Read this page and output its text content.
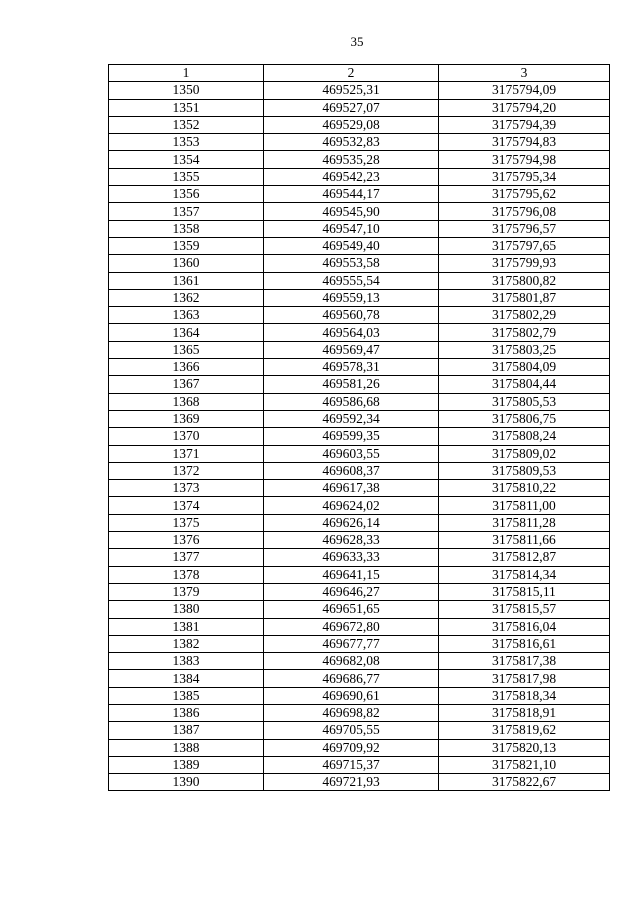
35
1	2	3
1350	469525,31	3175794,09
1351	469527,07	3175794,20
1352	469529,08	3175794,39
1353	469532,83	3175794,83
1354	469535,28	3175794,98
1355	469542,23	3175795,34
1356	469544,17	3175795,62
1357	469545,90	3175796,08
1358	469547,10	3175796,57
1359	469549,40	3175797,65
1360	469553,58	3175799,93
1361	469555,54	3175800,82
1362	469559,13	3175801,87
1363	469560,78	3175802,29
1364	469564,03	3175802,79
1365	469569,47	3175803,25
1366	469578,31	3175804,09
1367	469581,26	3175804,44
1368	469586,68	3175805,53
1369	469592,34	3175806,75
1370	469599,35	3175808,24
1371	469603,55	3175809,02
1372	469608,37	3175809,53
1373	469617,38	3175810,22
1374	469624,02	3175811,00
1375	469626,14	3175811,28
1376	469628,33	3175811,66
1377	469633,33	3175812,87
1378	469641,15	3175814,34
1379	469646,27	3175815,11
1380	469651,65	3175815,57
1381	469672,80	3175816,04
1382	469677,77	3175816,61
1383	469682,08	3175817,38
1384	469686,77	3175817,98
1385	469690,61	3175818,34
1386	469698,82	3175818,91
1387	469705,55	3175819,62
1388	469709,92	3175820,13
1389	469715,37	3175821,10
1390	469721,93	3175822,67
